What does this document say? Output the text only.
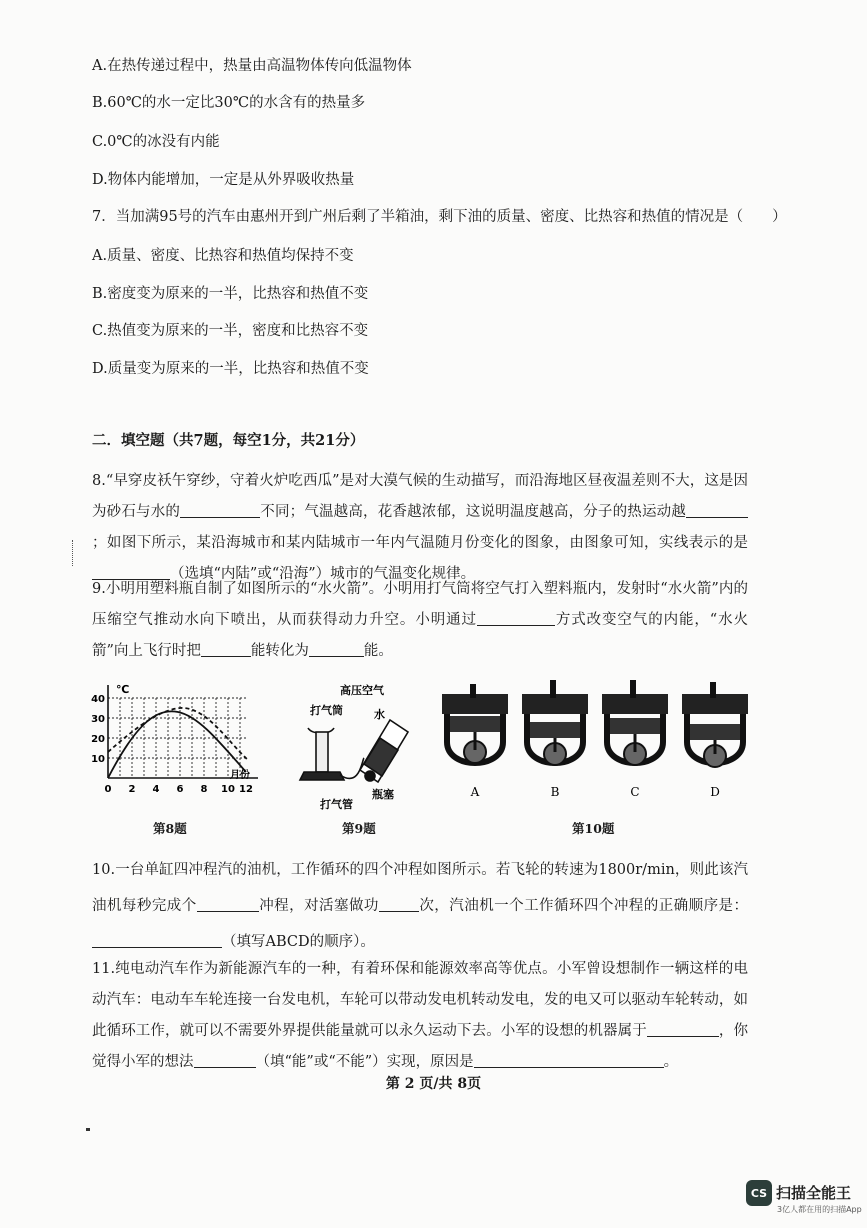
A.在热传递过程中，热量由高温物体传向低温物体
B.60℃的水一定比30℃的水含有的热量多
C.0℃的冰没有内能
D.物体内能增加，一定是从外界吸收热量
7．当加满95号的汽车由惠州开到广州后剩了半箱油，剩下油的质量、密度、比热容和热值的情况是（　　）
A.质量、密度、比热容和热值均保持不变
B.密度变为原来的一半，比热容和热值不变
C.热值变为原来的一半，密度和比热容不变
D.质量变为原来的一半，比热容和热值不变
二．填空题（共7题，每空1分，共21分）
8.“早穿皮袄午穿纱，守着火炉吃西瓜”是对大漠气候的生动描写，而沿海地区昼夜温差则不大，这是因为砂石与水的	不同；气温越高，花香越浓郁，这说明温度越高，分子的热运动越；如图下所示，某沿海城市和某内陆城市一年内气温随月份变化的图象，由图象可知，实线表示的是（选填“内陆”或“沿海”）城市的气温变化规律。
9.小明用塑料瓶自制了如图所示的“水火箭”。小明用打气筒将空气打入塑料瓶内，发射时“水火箭”内的压缩空气推动水向下喷出，从而获得动力升空。小明通过	方式改变空气的内能，“水火箭”向上飞行时把	能转化为	能。
℃
月份
10
20
30
40
0 2 4 6 8 10 12
第8题
高压空气
打气筒	水
打气管
瓶塞
第9题
A	B	C	D
第10题
10.一台单缸四冲程汽的油机，工作循环的四个冲程如图所示。若飞轮的转速为1800r/min，则此该汽油机每秒完成个	冲程，对活塞做功	次，汽油机一个工作循环四个冲程的正确顺序是：（填写ABCD的顺序）。
11.纯电动汽车作为新能源汽车的一种，有着环保和能源效率高等优点。小军曾设想制作一辆这样的电动汽车：电动车车轮连接一台发电机，车轮可以带动发电机转动发电，发的电又可以驱动车轮转动，如此循环工作，就可以不需要外界提供能量就可以永久运动下去。小军的设想的机器属于	，你觉得小军的想法	（填“能”或“不能”）实现，原因是	。
第 2 页/共 8页
CS 扫描全能王
3亿人都在用的扫描App
